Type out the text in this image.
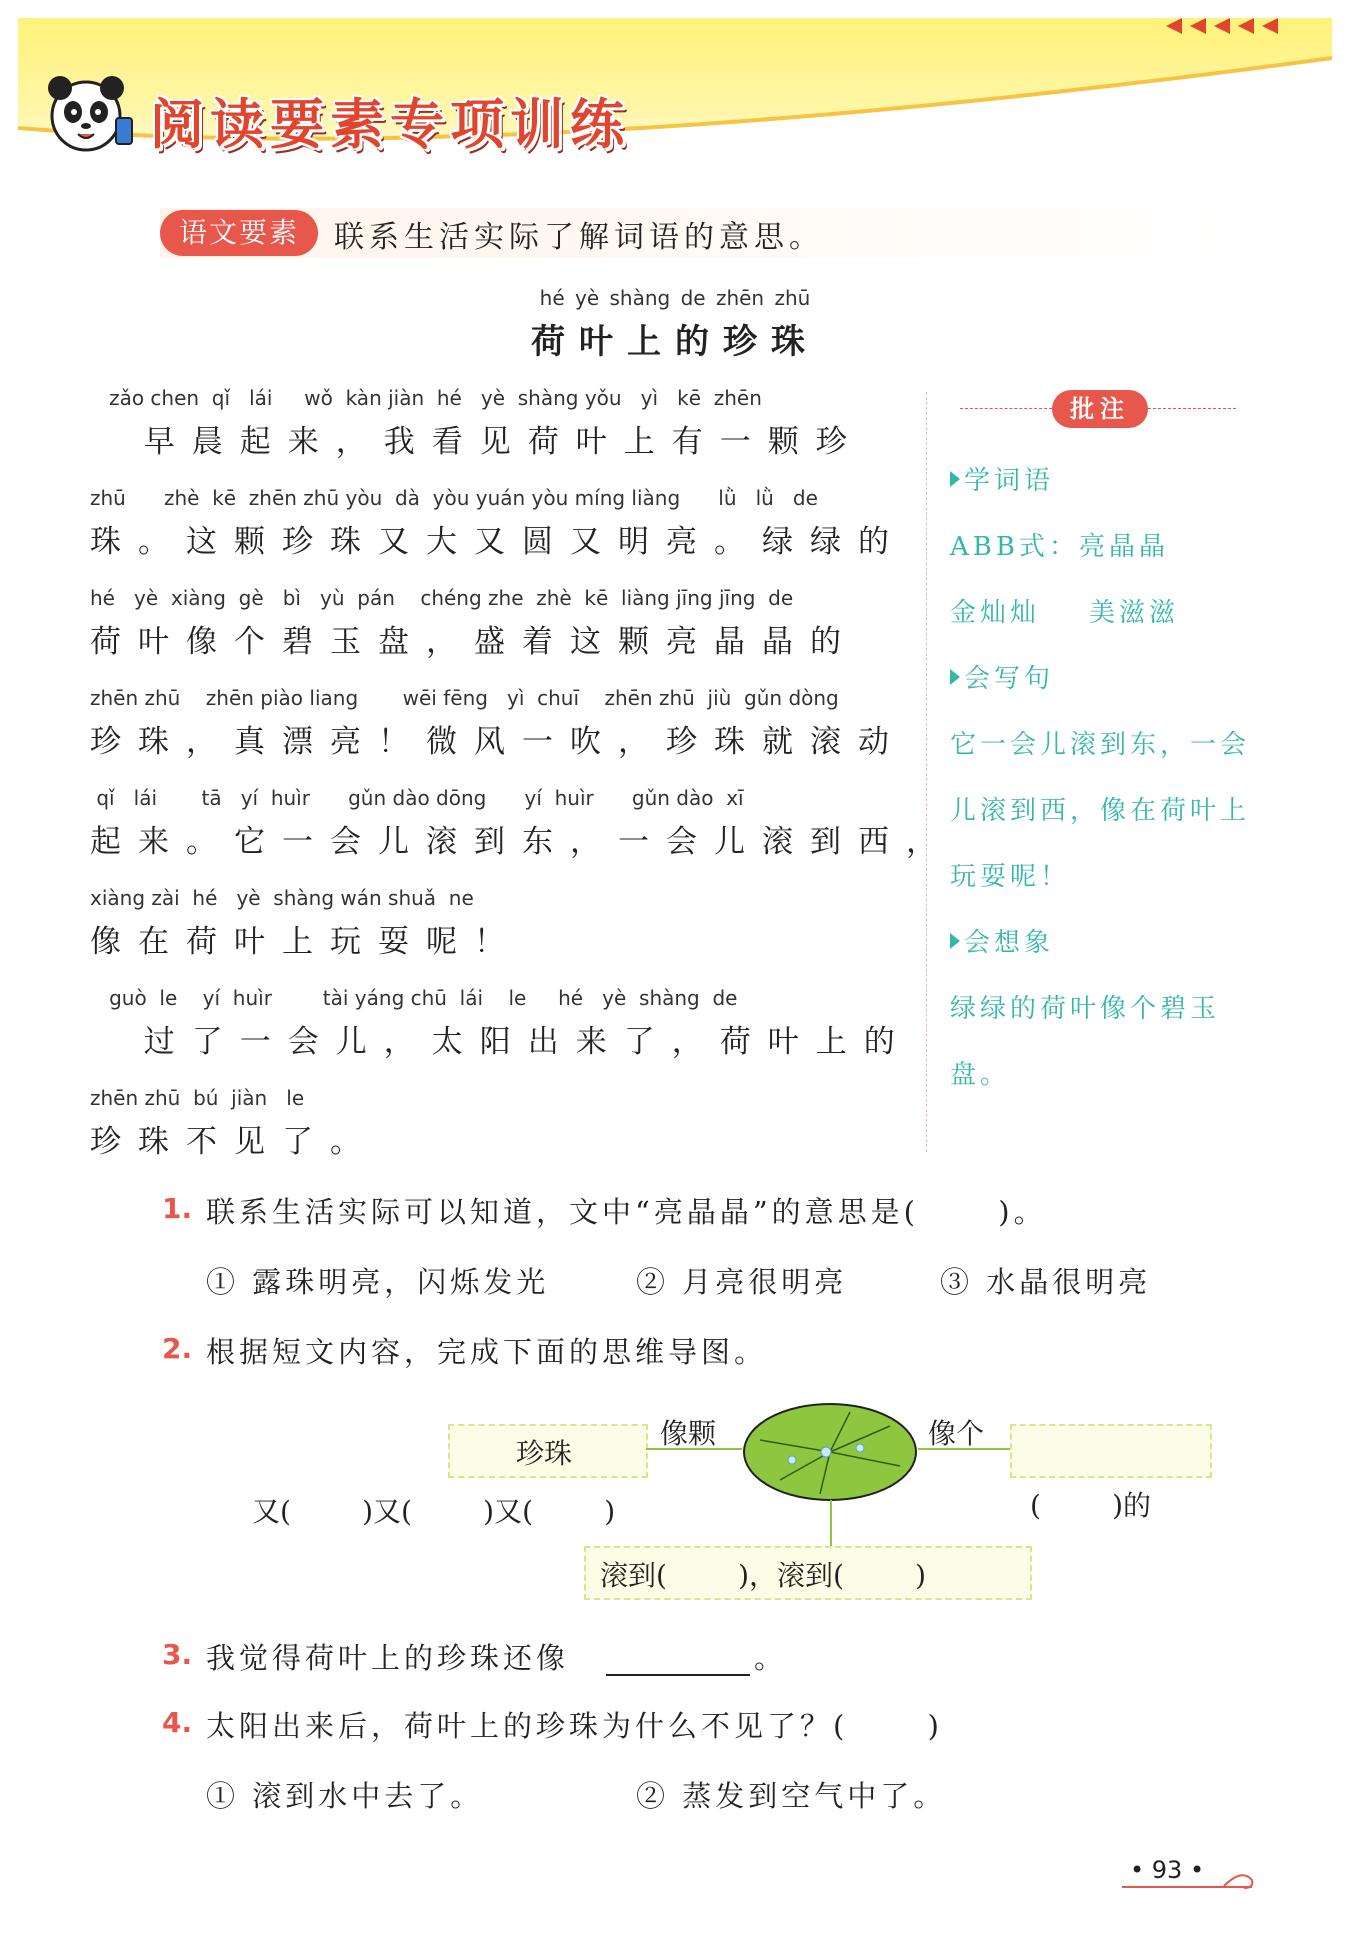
阅读要素专项训练
语文要素	联系生活实际了解词语的意思。
hé yè shàng de zhēn zhū
荷叶上的珍珠
zǎo chen  qǐ   lái     wǒ  kàn jiàn  hé   yè  shàng yǒu   yì   kē  zhēn
早晨起来，我看见荷叶上有一颗珍
zhū      zhè  kē  zhēn zhū yòu  dà  yòu yuán yòu míng liàng      lǜ   lǜ   de
珠。这颗珍珠又大又圆又明亮。绿绿的
hé   yè  xiàng  gè   bì   yù  pán    chéng zhe  zhè  kē  liàng jīng jīng  de
荷叶像个碧玉盘，盛着这颗亮晶晶的
zhēn zhū    zhēn piào liang       wēi fēng   yì  chuī    zhēn zhū  jiù  gǔn dòng
珍珠，真漂亮！微风一吹，珍珠就滚动
qǐ   lái       tā   yí  huìr      gǔn dào dōng      yí  huìr      gǔn dào  xī
起来。它一会儿滚到东，一会儿滚到西，
xiàng zài  hé   yè  shàng wán shuǎ  ne
像在荷叶上玩耍呢！
guò  le    yí  huìr        tài yáng chū  lái    le     hé   yè  shàng  de
过了一会儿，太阳出来了，荷叶上的
zhēn zhū  bú  jiàn   le
珍珠不见了。
批注
学词语
ABB式：亮晶晶
金灿灿    美滋滋
会写句
它一会儿滚到东，一会
儿滚到西，像在荷叶上
玩耍呢！
会想象
绿绿的荷叶像个碧玉
盘。
1. 联系生活实际可以知道，文中“亮晶晶”的意思是(      )。
① 露珠明亮，闪烁发光	② 月亮很明亮	③ 水晶很明亮
2. 根据短文内容，完成下面的思维导图。
珍珠
像颗	像个
又(        )又(        )又(        )	(        )的
滚到(        )，滚到(        )
3. 我觉得荷叶上的珍珠还像	。
4. 太阳出来后，荷叶上的珍珠为什么不见了？(      )
① 滚到水中去了。	② 蒸发到空气中了。
• 93 •
